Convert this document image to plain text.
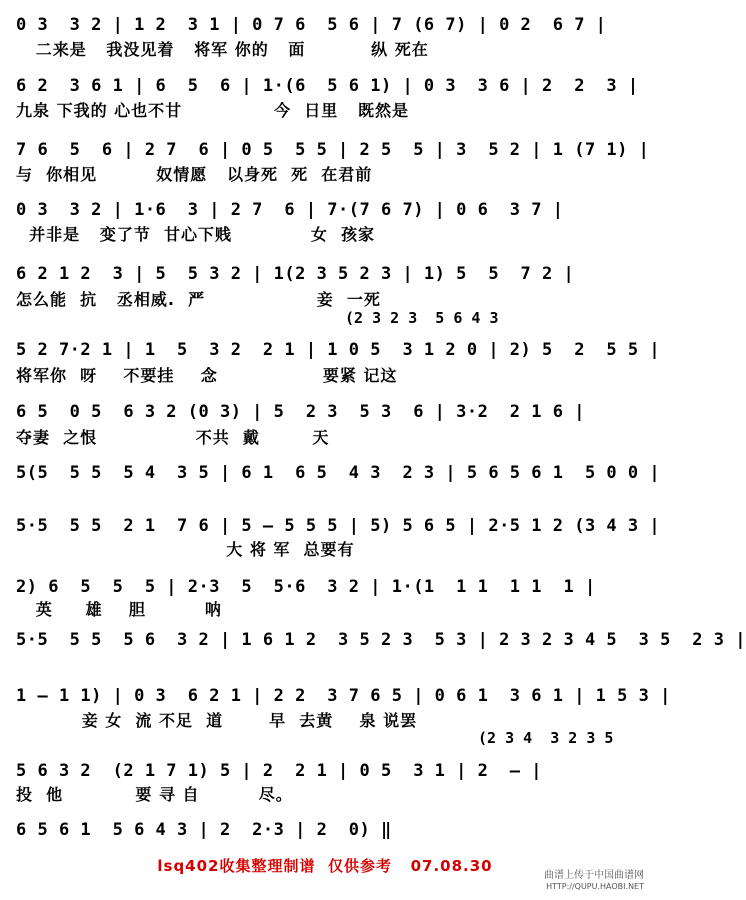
0 3  3 2 | 1 2  3 1 | 0 7 6  5 6 | 7 (6 7) | 0 2  6 7 |
二来是   我没见着   将军 你的   面          纵 死在
6 2  3 6 1 | 6  5  6 | 1·(6  5 6 1) | 0 3  3 6 | 2  2  3 |
九泉 下我的 心也不甘              今  日里   既然是
7 6  5  6 | 2 7  6 | 0 5  5 5 | 2 5  5 | 3  5 2 | 1 (7 1) |
与  你相见         奴情愿   以身死  死  在君前
0 3  3 2 | 1·6  3 | 2 7  6 | 7·(7 6 7) | 0 6  3 7 |
并非是   变了节  甘心下贱            女  孩家
6 2 1 2  3 | 5  5 3 2 | 1(2 3 5 2 3 | 1) 5  5  7 2 |
怎么能  抗   丞相威.  严                 妾  一死
(2 3 2 3  5 6 4 3
5 2 7·2 1 | 1  5  3 2  2 1 | 1 0 5  3 1 2 0 | 2) 5  2  5 5 |
将军你  呀    不要挂    念                要紧 记这
6 5  0 5  6 3 2 (0 3) | 5  2 3  5 3  6 | 3·2  2 1 6 |
夺妻  之恨               不共  戴        天
5(5  5 5  5 4  3 5 | 6 1  6 5  4 3  2 3 | 5 6 5 6 1  5 0 0 |
5·5  5 5  2 1  7 6 | 5 — 5 5 5 | 5) 5 6 5 | 2·5 1 2 (3 4 3 |
大 将 军  总要有
2) 6  5  5  5 | 2·3  5  5·6  3 2 | 1·(1  1 1  1 1  1 |
英     雄    胆         呐
5·5  5 5  5 6  3 2 | 1 6 1 2  3 5 2 3  5 3 | 2 3 2 3 4 5  3 5  2 3 |
1 — 1 1) | 0 3  6 2 1 | 2 2  3 7 6 5 | 0 6 1  3 6 1 | 1 5 3 |
妾 女  流 不足  道       早  去黄    泉 说罢
(2 3 4  3 2 3 5
5 6 3 2  (2 1 7 1) 5 | 2  2 1 | 0 5  3 1 | 2  — |
投  他           要 寻 自         尽。
6 5 6 1  5 6 4 3 | 2  2·3 | 2  0) ‖
lsq402收集整理制谱  仅供参考   07.08.30
曲谱上传于中国曲谱网
HTTP://QUPU.HAOBI.NET
